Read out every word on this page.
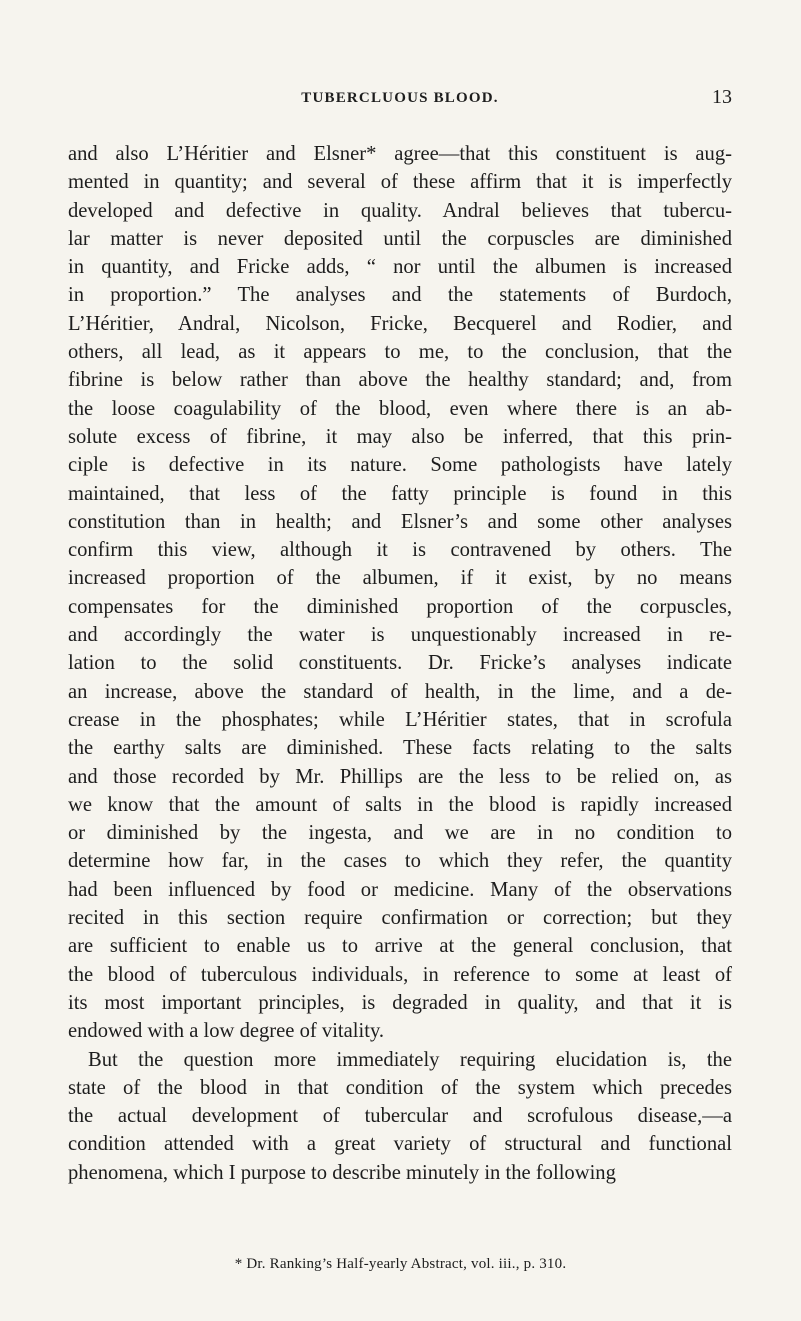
TUBERCLUOUS BLOOD.	13
and also L’Héritier and Elsner* agree—that this constituent is aug-
mented in quantity; and several of these affirm that it is imperfectly
developed and defective in quality. Andral believes that tubercu-
lar matter is never deposited until the corpuscles are diminished
in quantity, and Fricke adds, “ nor until the albumen is increased
in proportion.” The analyses and the statements of Burdoch,
L’Héritier, Andral, Nicolson, Fricke, Becquerel and Rodier, and
others, all lead, as it appears to me, to the conclusion, that the
fibrine is below rather than above the healthy standard; and, from
the loose coagulability of the blood, even where there is an ab-
solute excess of fibrine, it may also be inferred, that this prin-
ciple is defective in its nature. Some pathologists have lately
maintained, that less of the fatty principle is found in this
constitution than in health; and Elsner’s and some other analyses
confirm this view, although it is contravened by others. The
increased proportion of the albumen, if it exist, by no means
compensates for the diminished proportion of the corpuscles,
and accordingly the water is unquestionably increased in re-
lation to the solid constituents. Dr. Fricke’s analyses indicate
an increase, above the standard of health, in the lime, and a de-
crease in the phosphates; while L’Héritier states, that in scrofula
the earthy salts are diminished. These facts relating to the salts
and those recorded by Mr. Phillips are the less to be relied on, as
we know that the amount of salts in the blood is rapidly increased
or diminished by the ingesta, and we are in no condition to
determine how far, in the cases to which they refer, the quantity
had been influenced by food or medicine. Many of the observations
recited in this section require confirmation or correction; but they
are sufficient to enable us to arrive at the general conclusion, that
the blood of tuberculous individuals, in reference to some at least of
its most important principles, is degraded in quality, and that it is
endowed with a low degree of vitality.
But the question more immediately requiring elucidation is, the
state of the blood in that condition of the system which precedes
the actual development of tubercular and scrofulous disease,—a
condition attended with a great variety of structural and functional
phenomena, which I purpose to describe minutely in the following
* Dr. Ranking’s Half-yearly Abstract, vol. iii., p. 310.
